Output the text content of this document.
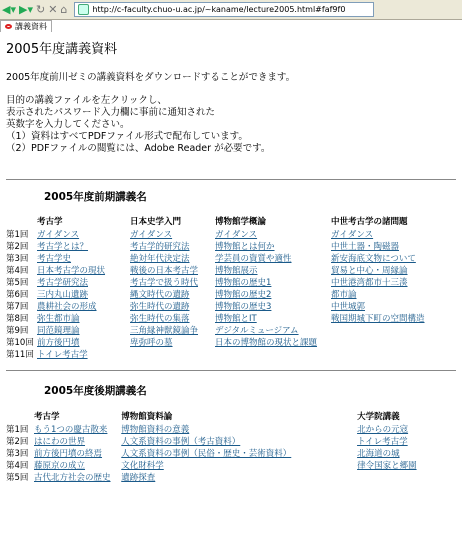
◀▾ ▶▾ ↻ ✕ ⌂	http://c-faculty.chuo-u.ac.jp/~kaname/lecture2005.html#faf9f0
講義資料
2005年度講義資料

2005年度前川ゼミの講義資料をダウンロードすることができます。

目的の講義ファイルを左クリックし、

表示されたパスワード入力欄に事前に通知された

英数字を入力してください。

（1）資料はすべてPDFファイル形式で配布しています。

（2）PDFファイルの閲覧には、Adobe Reader が必要です。

2005年度前期講義名
	考古学	日本史学入門	博物館学概論	中世考古学の諸問題
第1回	ガイダンス	ガイダンス	ガイダンス	ガイダンス
第2回	考古学とは？	考古学的研究法	博物館とは何か	中世土器・陶磁器
第3回	考古学史	絶対年代決定法	学芸員の資質や適性	新安海底文物について
第4回	日本考古学の現状	戦後の日本考古学	博物館展示	貿易と中心・周縁論
第5回	考古学研究法	考古学で扱う時代	博物館の歴史1	中世港湾都市十三湊
第6回	三内丸山遺跡	縄文時代の遺跡	博物館の歴史2	都市論
第7回	農耕社会の形成	弥生時代の遺跡	博物館の歴史3	中世城郭
第8回	弥生都市論	弥生時代の集落	博物館とIT	戦国期城下町の空間構造
第9回	同范鏡理論	三角縁神獣鏡論争	デジタルミュージアム	
第10回	前方後円墳	卑弥呼の墓	日本の博物館の現状と課題	
第11回	トイレ考古学			
2005年度後期講義名
	考古学	博物館資料論		大学院講義
第1回	もう1つの慶古散来	博物館資料の意義		北からの元寇
第2回	はにわの世界	人文系資料の事例（考古資料）		トイレ考古学
第3回	前方後円墳の終焉	人文系資料の事例（民俗・歴史・芸術資料）		北海道の城
第4回	藤原京の成立	文化財科学		律令国家と郷園
第5回	古代北方社会の歴史	遺跡探査		
